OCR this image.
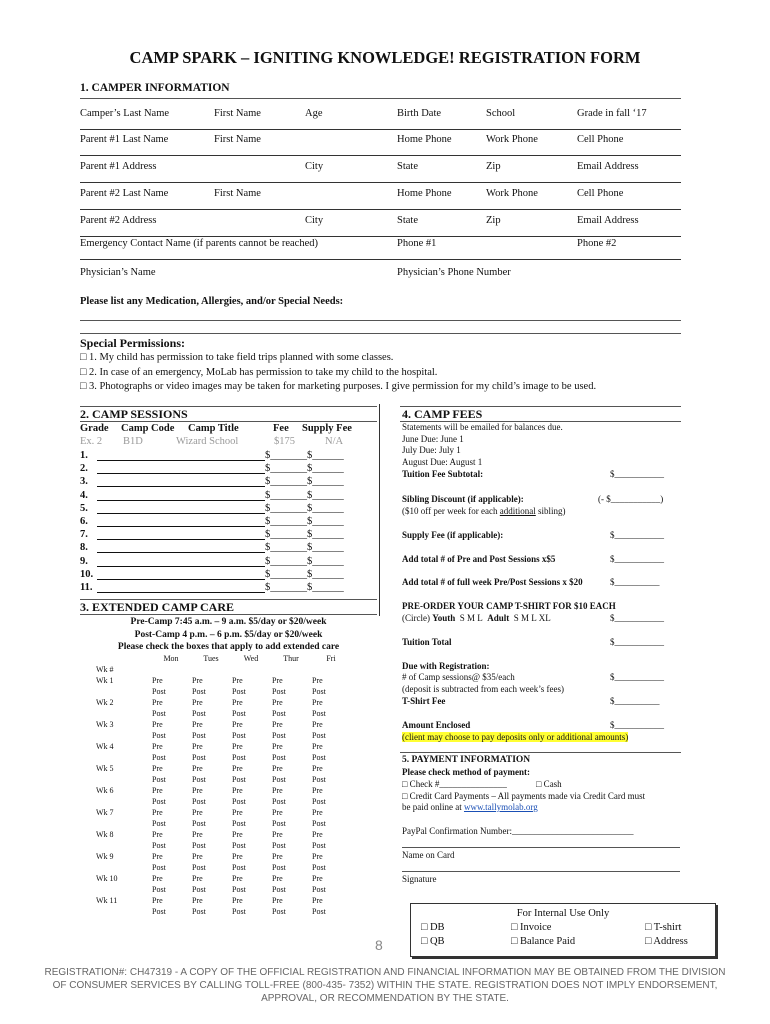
CAMP SPARK – IGNITING KNOWLEDGE! REGISTRATION FORM
1. CAMPER INFORMATION
Camper’s Last Name	First Name	Age	Birth Date	School	Grade in fall ‘17
Parent #1 Last Name	First Name	Home Phone	Work Phone	Cell Phone
Parent #1 Address	City	State	Zip	Email Address
Parent #2 Last Name	First Name	Home Phone	Work Phone	Cell Phone
Parent #2 Address	City	State	Zip	Email Address
Emergency Contact Name (if parents cannot be reached)	Phone #1	Phone #2
Physician’s Name	Physician’s Phone Number
Please list any Medication, Allergies, and/or Special Needs:
Special Permissions:
□ 1. My child has permission to take field trips planned with some classes.
□ 2. In case of an emergency, MoLab has permission to take my child to the hospital.
□ 3. Photographs or video images may be taken for marketing purposes. I give permission for my child’s image to be used.
2. CAMP SESSIONS
Grade Camp Code Camp Title	Fee Supply Fee
Ex. 2 B1D	Wizard School	$175	N/A
1.	$_______$______
2.	$_______$______
3.	$_______$______
4.	$_______$______
5.	$_______$______
6.	$_______$______
7.	$_______$______
8.	$_______$______
9.	$_______$______
10.	$_______$______
11.	$_______$______
3. EXTENDED CAMP CARE
Pre-Camp 7:45 a.m. – 9 a.m. $5/day or $20/week
Post-Camp 4 p.m. – 6 p.m. $5/day or $20/week
Please check the boxes that apply to add extended care
	Mon	Tues	Wed	Thur	Fri
Wk #					
Wk 1	Pre	Pre	Pre	Pre	Pre
	Post	Post	Post	Post	Post
Wk 2	Pre	Pre	Pre	Pre	Pre
	Post	Post	Post	Post	Post
Wk 3	Pre	Pre	Pre	Pre	Pre
	Post	Post	Post	Post	Post
Wk 4	Pre	Pre	Pre	Pre	Pre
	Post	Post	Post	Post	Post
Wk 5	Pre	Pre	Pre	Pre	Pre
	Post	Post	Post	Post	Post
Wk 6	Pre	Pre	Pre	Pre	Pre
	Post	Post	Post	Post	Post
Wk 7	Pre	Pre	Pre	Pre	Pre
	Post	Post	Post	Post	Post
Wk 8	Pre	Pre	Pre	Pre	Pre
	Post	Post	Post	Post	Post
Wk 9	Pre	Pre	Pre	Pre	Pre
	Post	Post	Post	Post	Post
Wk 10	Pre	Pre	Pre	Pre	Pre
	Post	Post	Post	Post	Post
Wk 11	Pre	Pre	Pre	Pre	Pre
	Post	Post	Post	Post	Post
4. CAMP FEES
Statements will be emailed for balances due.
June Due: June 1
July Due: July 1
August Due: August 1
Tuition Fee Subtotal:	$___________
Sibling Discount (if applicable):	(- $___________)
($10 off per week for each additional sibling)
Supply Fee (if applicable):	$___________
Add total # of Pre and Post Sessions x$5	$___________
Add total # of full week Pre/Post Sessions x $20	$__________
PRE-ORDER YOUR CAMP T-SHIRT FOR $10 EACH
(Circle) Youth S M L Adult S M L XL	$___________
Tuition Total	$___________
Due with Registration:
# of Camp sessions@ $35/each	$___________
(deposit is subtracted from each week’s fees)
T-Shirt Fee	$__________
Amount Enclosed	$___________
(client may choose to pay deposits only or additional amounts)
5. PAYMENT INFORMATION
Please check method of payment:
□ Check #_______________	□ Cash
□ Credit Card Payments – All payments made via Credit Card must
be paid online at www.tallymolab.org
PayPal Confirmation Number:___________________________
Name on Card
Signature
For Internal Use Only
□ DB
□ QB
□ Invoice
□ Balance Paid
□ T-shirt
□ Address
8
REGISTRATION#: CH47319 - A COPY OF THE OFFICIAL REGISTRATION AND FINANCIAL INFORMATION MAY BE OBTAINED FROM THE DIVISION OF CONSUMER SERVICES BY CALLING TOLL-FREE (800-435- 7352) WITHIN THE STATE. REGISTRATION DOES NOT IMPLY ENDORSEMENT, APPROVAL, OR RECOMMENDATION BY THE STATE.
